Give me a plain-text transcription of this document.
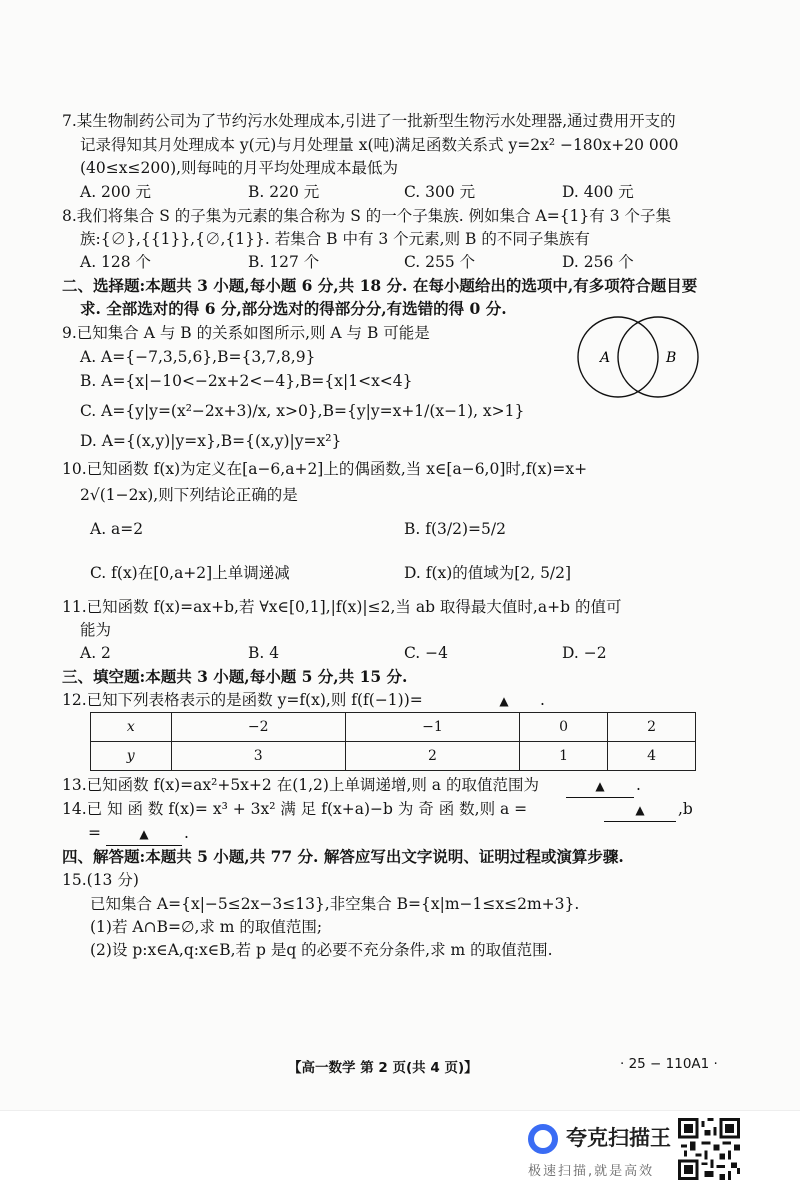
7.某生物制药公司为了节约污水处理成本,引进了一批新型生物污水处理器,通过费用开支的
记录得知其月处理成本 y(元)与月处理量 x(吨)满足函数关系式 y=2x² −180x+20 000
(40≤x≤200),则每吨的月平均处理成本最低为
A. 200 元	B. 220 元	C. 300 元	D. 400 元
8.我们将集合 S 的子集为元素的集合称为 S 的一个子集族. 例如集合 A={1}有 3 个子集
族:{∅},{{1}},{∅,{1}}. 若集合 B 中有 3 个元素,则 B 的不同子集族有
A. 128 个	B. 127 个	C. 255 个	D. 256 个
二、选择题:本题共 3 小题,每小题 6 分,共 18 分. 在每小题给出的选项中,有多项符合题目要
求. 全部选对的得 6 分,部分选对的得部分分,有选错的得 0 分.
9.已知集合 A 与 B 的关系如图所示,则 A 与 B 可能是
A. A={−7,3,5,6},B={3,7,8,9}
B. A={x|−10<−2x+2<−4},B={x|1<x<4}
C. A={y|y=(x²−2x+3)/x, x>0},B={y|y=x+1/(x−1), x>1}
D. A={(x,y)|y=x},B={(x,y)|y=x²}
A	B
10.已知函数 f(x)为定义在[a−6,a+2]上的偶函数,当 x∈[a−6,0]时,f(x)=x+
2√(1−2x),则下列结论正确的是
A. a=2	B. f(3/2)=5/2
C. f(x)在[0,a+2]上单调递减	D. f(x)的值域为[2, 5/2]
11.已知函数 f(x)=ax+b,若 ∀x∈[0,1],|f(x)|≤2,当 ab 取得最大值时,a+b 的值可
能为
A. 2	B. 4	C. −4	D. −2
三、填空题:本题共 3 小题,每小题 5 分,共 15 分.
12.已知下列表格表示的是函数 y=f(x),则 f(f(−1))=	▲	.
x	−2	−1	0	2
y	3	2	1	4
13.已知函数 f(x)=ax²+5x+2 在(1,2)上单调递增,则 a 的取值范围为	▲	.
14.已 知 函 数 f(x)= x³ + 3x² 满 足 f(x+a)−b 为 奇 函 数,则 a =	▲	,b
=	▲	.
四、解答题:本题共 5 小题,共 77 分. 解答应写出文字说明、证明过程或演算步骤.
15.(13 分)
已知集合 A={x|−5≤2x−3≤13},非空集合 B={x|m−1≤x≤2m+3}.
(1)若 A∩B=∅,求 m 的取值范围;
(2)设 p:x∈A,q:x∈B,若 p 是q 的必要不充分条件,求 m 的取值范围.
【高一数学 第 2 页(共 4 页)】	· 25 − 110A1 ·
夸克扫描王
极速扫描,就是高效
